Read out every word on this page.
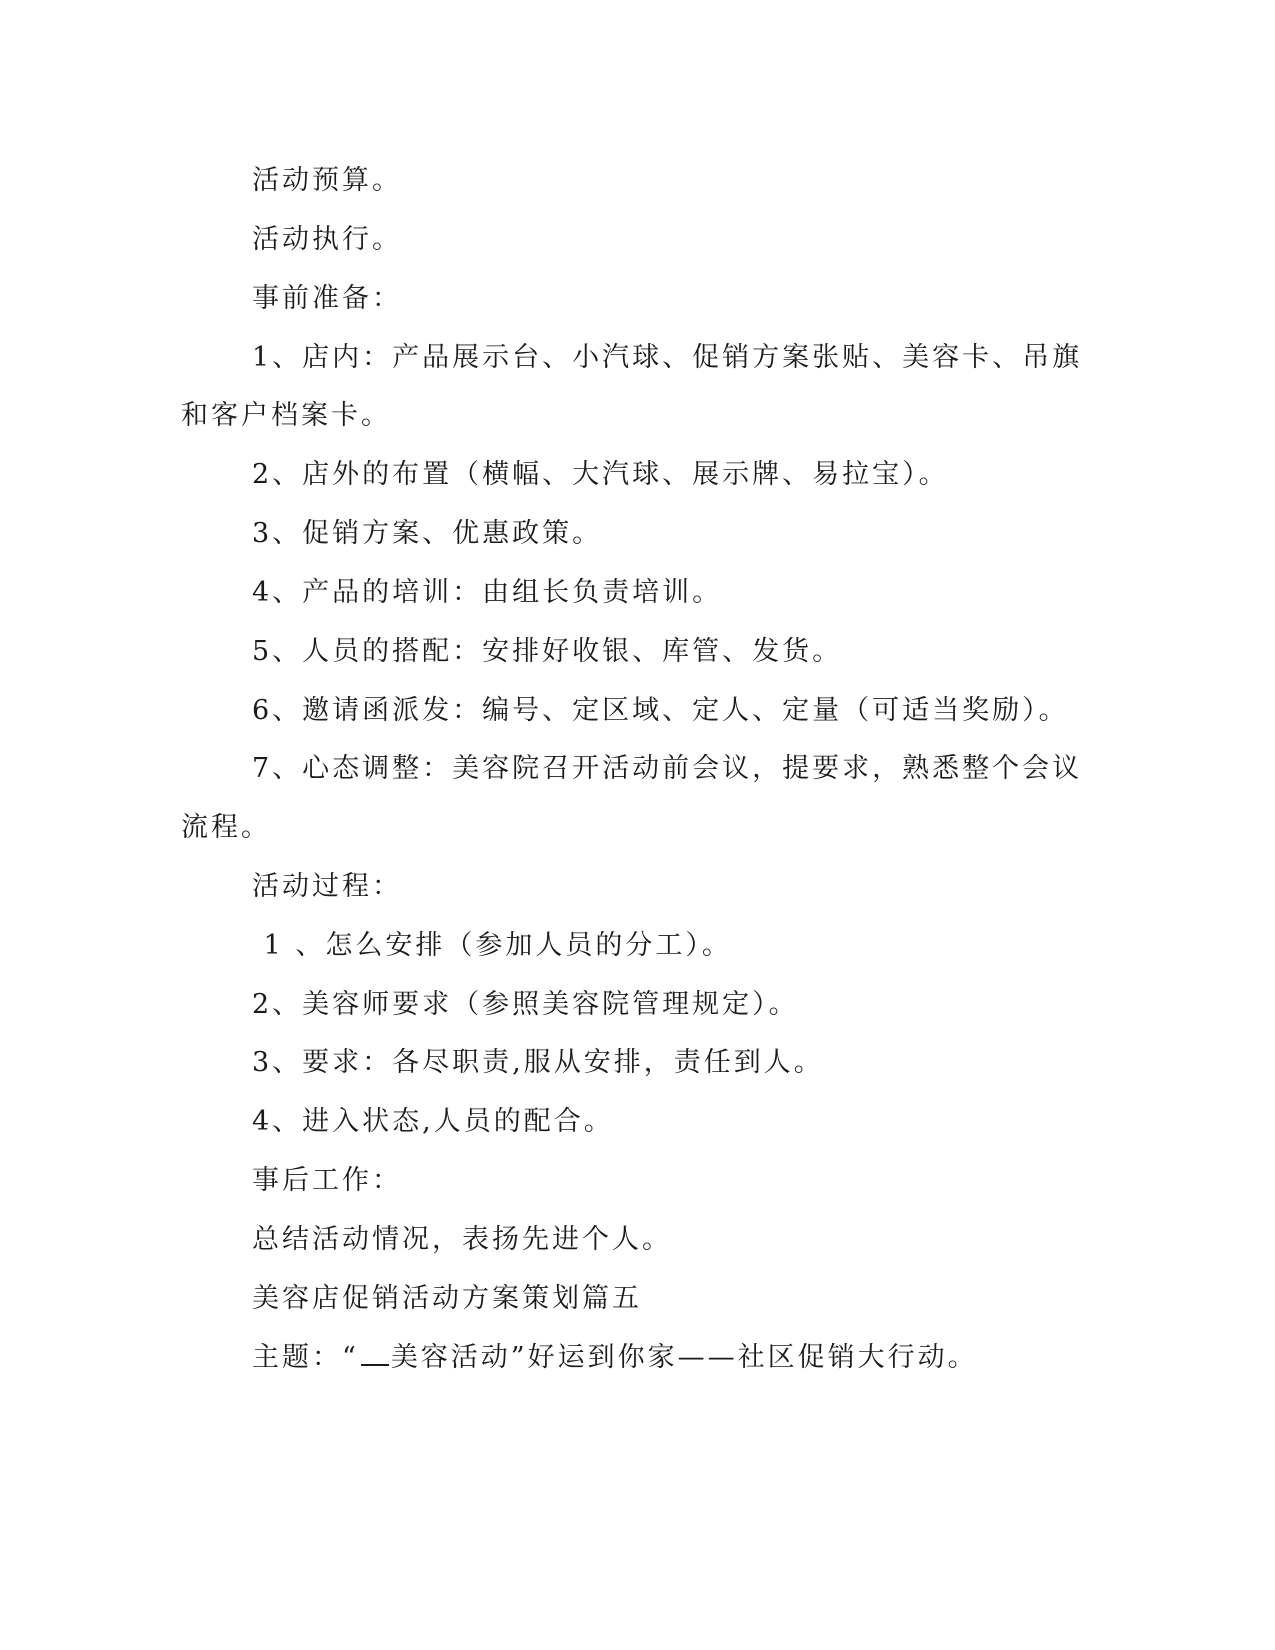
活动预算。
活动执行。
事前准备：
1、店内：产品展示台、小汽球、促销方案张贴、美容卡、吊旗
和客户档案卡。
2、店外的布置（横幅、大汽球、展示牌、易拉宝）。
3、促销方案、优惠政策。
4、产品的培训：由组长负责培训。
5、人员的搭配：安排好收银、库管、发货。
6、邀请函派发：编号、定区域、定人、定量（可适当奖励）。
7、心态调整：美容院召开活动前会议，提要求，熟悉整个会议
流程。
活动过程：
1 、怎么安排（参加人员的分工）。
2、美容师要求（参照美容院管理规定）。
3、要求：各尽职责,服从安排，责任到人。
4、进入状态,人员的配合。
事后工作：
总结活动情况，表扬先进个人。
美容店促销活动方案策划篇五
主题：“ 美容活动”好运到你家——社区促销大行动。
